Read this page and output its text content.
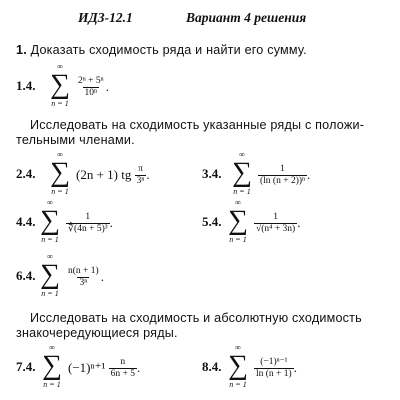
ИДЗ-12.1	Вариант 4 решения
1. Доказать сходимость ряда и найти его сумму.
1.4.
∞
∑
n = 1
$\frac{\text{2ⁿ + 5ⁿ}}{\text{10ⁿ}}$ .
Исследовать на сходимость указанные ряды с положи-
тельными членами.
2.4.
∞
∑
n = 1
(2n + 1) tg
$\frac{\pi}{\text{3ⁿ}}$ .	3.4.
∞
∑
n = 1
$\frac{1}{\text{(ln (n + 2))ⁿ}}$ .
4.4.
∞
∑
n = 1
$\frac{1}{\text{∜(4n + 5)³}}$ .	5.4.
∞
∑
n = 1
$\frac{1}{\text{√(n⁴ + 3n)}}$ .
6.4.
∞
∑
n = 1
$\frac{n(n + 1)}{\text{3ⁿ}}$ .
Исследовать на сходимость и абсолютную сходимость
знакочередующиеся ряды.
7.4.
∞
∑
n = 1
(−1)ⁿ⁺¹
$\frac{n}{6n + 5}$ .	8.4.
∞
∑
n = 1
$\frac{\text{(−1)ⁿ⁻¹}}{\ln (n + 1)}$ .
